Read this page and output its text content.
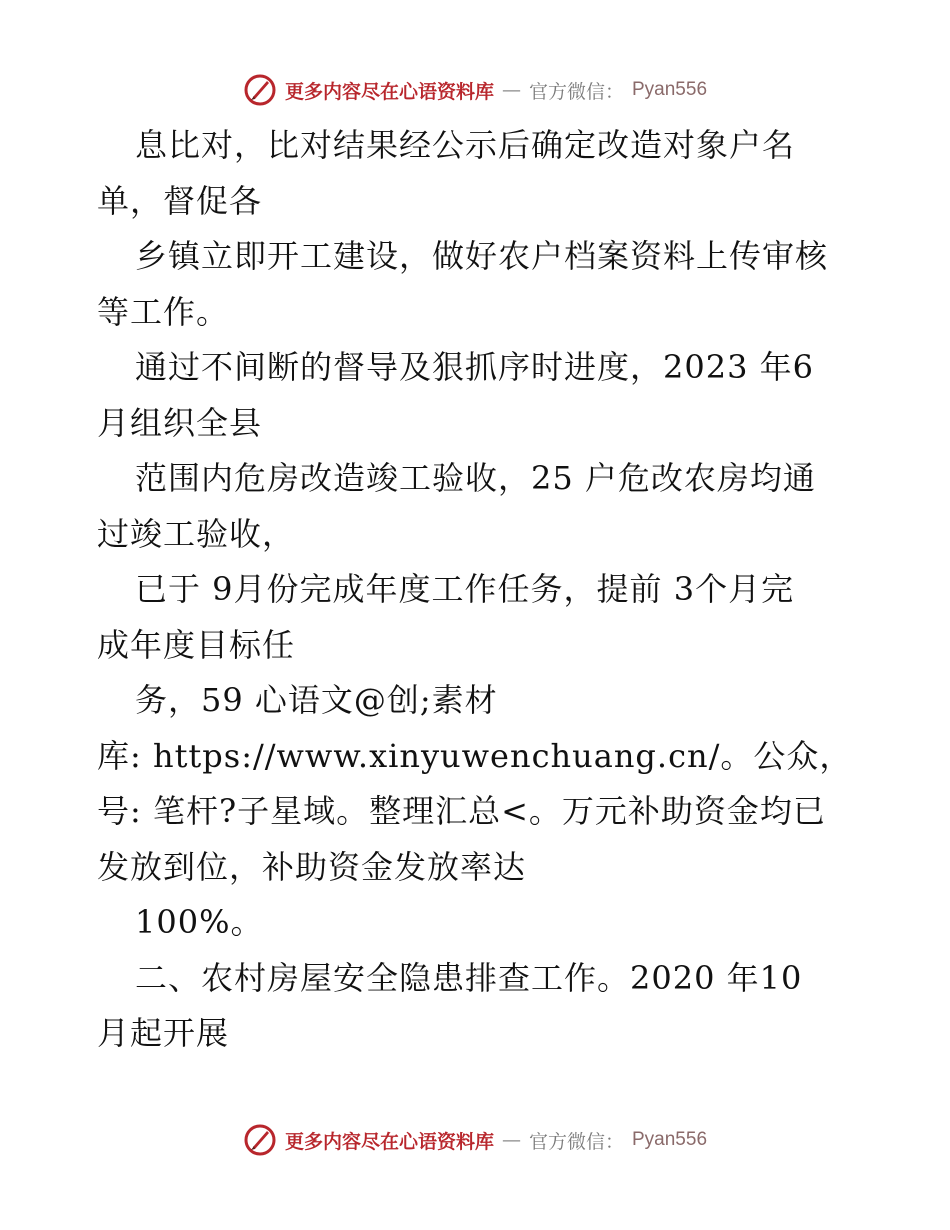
更多内容尽在心语资料库 — 官方微信： Pyan556
息比对，比对结果经公示后确定改造对象户名
单，督促各
乡镇立即开工建设，做好农户档案资料上传审核
等工作。
通过不间断的督导及狠抓序时进度，2023 年6
月组织全县
范围内危房改造竣工验收，25 户危改农房均通
过竣工验收，
已于 9月份完成年度工作任务，提前 3个月完
成年度目标任
务，59 心语文@创;素材
库: https://www.xinyuwenchuang.cn/。公众，
号: 笔杆?子星域。整理汇总<。万元补助资金均已
发放到位，补助资金发放率达
100%。
二、农村房屋安全隐患排查工作。2020 年10
月起开展
更多内容尽在心语资料库 — 官方微信： Pyan556
